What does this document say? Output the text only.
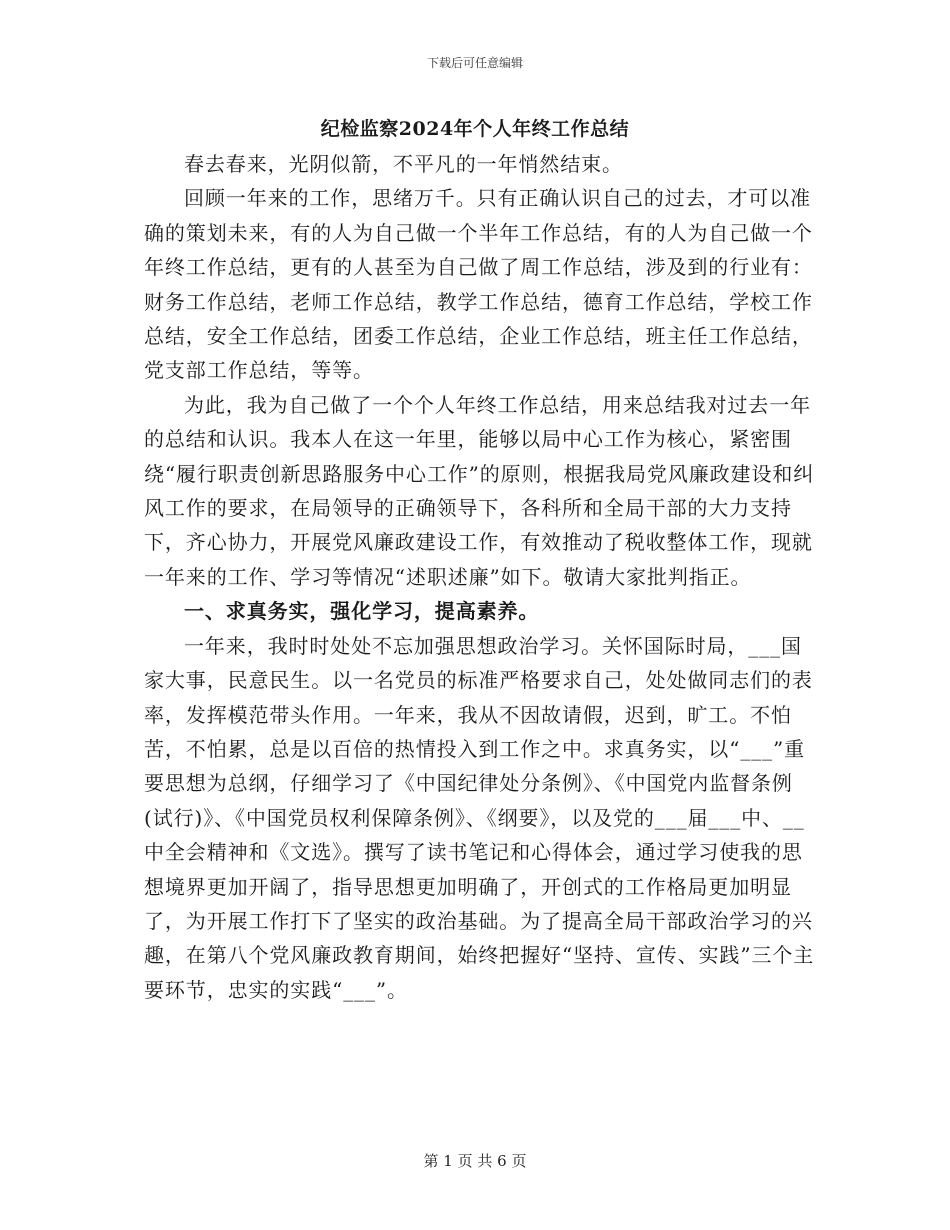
下载后可任意编辑
纪检监察2024年个人年终工作总结

春去春来，光阴似箭，不平凡的一年悄然结束。

回顾一年来的工作，思绪万千。只有正确认识自己的过去，才可以准确的策划未来，有的人为自己做一个半年工作总结，有的人为自己做一个年终工作总结，更有的人甚至为自己做了周工作总结，涉及到的行业有：财务工作总结，老师工作总结，教学工作总结，德育工作总结，学校工作总结，安全工作总结，团委工作总结，企业工作总结，班主任工作总结，党支部工作总结，等等。

为此，我为自己做了一个个人年终工作总结，用来总结我对过去一年的总结和认识。我本人在这一年里，能够以局中心工作为核心，紧密围绕“履行职责创新思路服务中心工作”的原则，根据我局党风廉政建设和纠风工作的要求，在局领导的正确领导下，各科所和全局干部的大力支持下，齐心协力，开展党风廉政建设工作，有效推动了税收整体工作，现就一年来的工作、学习等情况“述职述廉”如下。敬请大家批判指正。

一、求真务实，强化学习，提高素养。

一年来，我时时处处不忘加强思想政治学习。关怀国际时局，___国家大事，民意民生。以一名党员的标准严格要求自己，处处做同志们的表率，发挥模范带头作用。一年来，我从不因故请假，迟到，旷工。不怕苦，不怕累，总是以百倍的热情投入到工作之中。求真务实，以“___”重要思想为总纲，仔细学习了《中国纪律处分条例》、《中国党内监督条例(试行)》、《中国党员权利保障条例》、《纲要》，以及党的___届___中、__中全会精神和《文选》。撰写了读书笔记和心得体会，通过学习使我的思想境界更加开阔了，指导思想更加明确了，开创式的工作格局更加明显了，为开展工作打下了坚实的政治基础。为了提高全局干部政治学习的兴趣，在第八个党风廉政教育期间，始终把握好“坚持、宣传、实践”三个主要环节，忠实的实践“___”。

第 1 页 共 6 页
